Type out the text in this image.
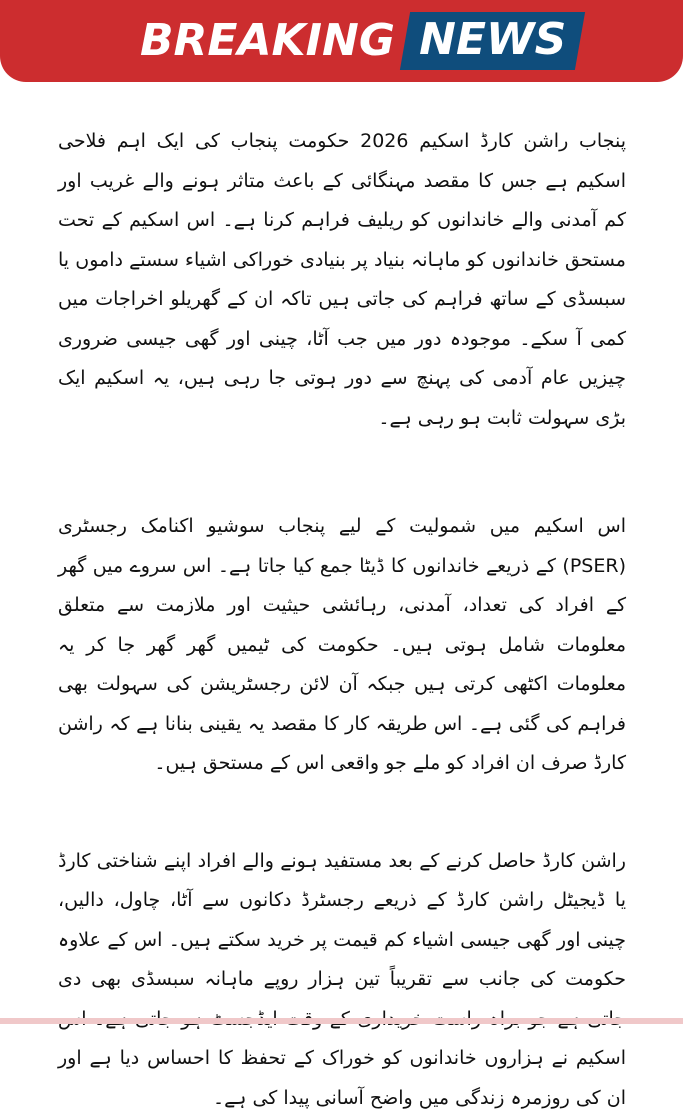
BREAKING NEWS

پنجاب راشن کارڈ اسکیم 2026 حکومت پنجاب کی ایک اہم فلاحی اسکیم ہے جس کا مقصد مہنگائی کے باعث متاثر ہونے والے غریب اور کم آمدنی والے خاندانوں کو ریلیف فراہم کرنا ہے۔ اس اسکیم کے تحت مستحق خاندانوں کو ماہانہ بنیاد پر بنیادی خوراکی اشیاء سستے داموں یا سبسڈی کے ساتھ فراہم کی جاتی ہیں تاکہ ان کے گھریلو اخراجات میں کمی آ سکے۔ موجودہ دور میں جب آٹا، چینی اور گھی جیسی ضروری چیزیں عام آدمی کی پہنچ سے دور ہوتی جا رہی ہیں، یہ اسکیم ایک بڑی سہولت ثابت ہو رہی ہے۔

اس اسکیم میں شمولیت کے لیے پنجاب سوشیو اکنامک رجسٹری (PSER) کے ذریعے خاندانوں کا ڈیٹا جمع کیا جاتا ہے۔ اس سروے میں گھر کے افراد کی تعداد، آمدنی، رہائشی حیثیت اور ملازمت سے متعلق معلومات شامل ہوتی ہیں۔ حکومت کی ٹیمیں گھر گھر جا کر یہ معلومات اکٹھی کرتی ہیں جبکہ آن لائن رجسٹریشن کی سہولت بھی فراہم کی گئی ہے۔ اس طریقہ کار کا مقصد یہ یقینی بنانا ہے کہ راشن کارڈ صرف ان افراد کو ملے جو واقعی اس کے مستحق ہیں۔

راشن کارڈ حاصل کرنے کے بعد مستفید ہونے والے افراد اپنے شناختی کارڈ یا ڈیجیٹل راشن کارڈ کے ذریعے رجسٹرڈ دکانوں سے آٹا، چاول، دالیں، چینی اور گھی جیسی اشیاء کم قیمت پر خرید سکتے ہیں۔ اس کے علاوہ حکومت کی جانب سے تقریباً تین ہزار روپے ماہانہ سبسڈی بھی دی اسکیم نے ہزاروں خاندانوں کو خوراک کے تحفظ کا احساس دیا ہے اور ان کی روزمرہ زندگی میں واضح آسانی پیدا کی ہے۔
